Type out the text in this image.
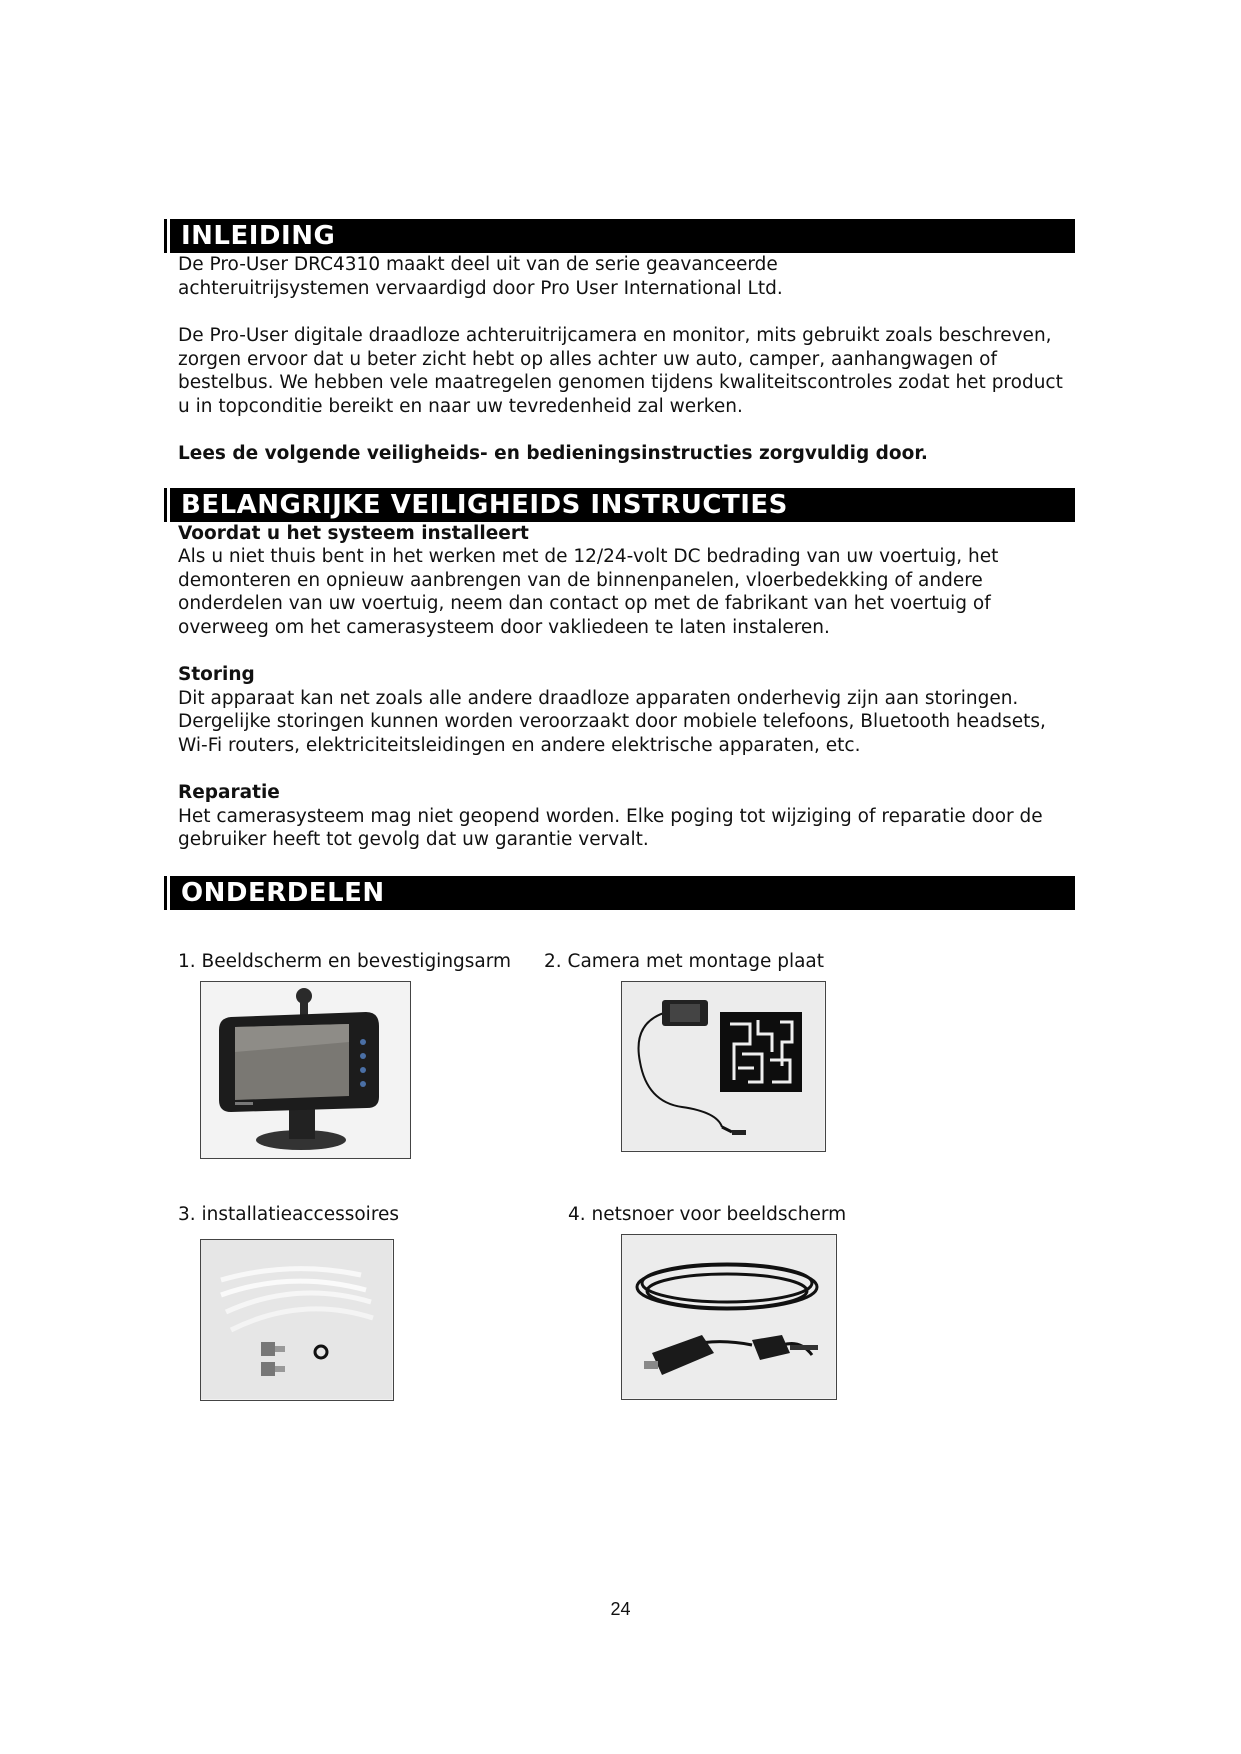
INLEIDING

De Pro-User DRC4310 maakt deel uit van de serie geavanceerde achteruitrijsystemen vervaardigd door Pro User International Ltd.

De Pro-User digitale draadloze achteruitrijcamera en monitor, mits gebruikt zoals beschreven, zorgen ervoor dat u beter zicht hebt op alles achter uw auto, camper, aanhangwagen of bestelbus. We hebben vele maatregelen genomen tijdens kwaliteitscontroles zodat het product u in topconditie bereikt en naar uw tevredenheid zal werken.

Lees de volgende veiligheids- en bedieningsinstructies zorgvuldig door.

BELANGRIJKE VEILIGHEIDS INSTRUCTIES

Voordat u het systeem installeert

Als u niet thuis bent in het werken met de 12/24-volt DC bedrading van uw voertuig, het demonteren en opnieuw aanbrengen van de binnenpanelen, vloerbedekking of andere onderdelen van uw voertuig, neem dan contact op met de fabrikant van het voertuig of overweeg om het camerasysteem door vakliedeen te laten instaleren.

Storing

Dit apparaat kan net zoals alle andere draadloze apparaten onderhevig zijn aan storingen. Dergelijke storingen kunnen worden veroorzaakt door mobiele telefoons, Bluetooth headsets, Wi-Fi routers, elektriciteitsleidingen en andere elektrische apparaten, etc.

Reparatie

Het camerasysteem mag niet geopend worden. Elke poging tot wijziging of reparatie door de gebruiker heeft tot gevolg dat uw garantie vervalt.

ONDERDELEN
1. Beeldscherm en bevestigingsarm 2. Camera met montage plaat
3. installatieaccessoires	4. netsnoer voor beeldscherm
24
